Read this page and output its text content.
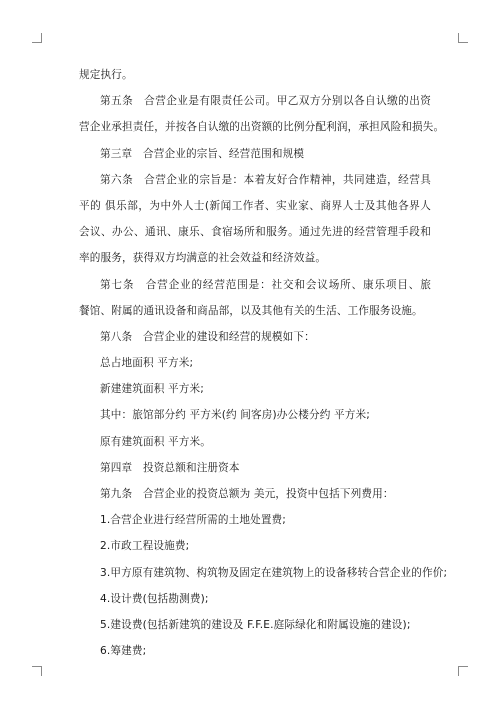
规定执行。
第五条　合营企业是有限责任公司。甲乙双方分别以各自认缴的出资
营企业承担责任，并按各自认缴的出资额的比例分配利润，承担风险和损失。
第三章　合营企业的宗旨、经营范围和规模
第六条　合营企业的宗旨是：本着友好合作精神，共同建造，经营具
平的 俱乐部，为中外人士(新闻工作者、实业家、商界人士及其他各界人
会议、办公、通讯、康乐、食宿场所和服务。通过先进的经营管理手段和
率的服务，获得双方均满意的社会效益和经济效益。
第七条　合营企业的经营范围是：社交和会议场所、康乐项目、旅
餐馆、附属的通讯设备和商品部，以及其他有关的生活、工作服务设施。
第八条　合营企业的建设和经营的规模如下：
总占地面积 平方米;
新建建筑面积 平方米;
其中：旅馆部分约 平方米(约 间客房)办公楼分约 平方米;
原有建筑面积 平方米。
第四章　投资总额和注册资本
第九条　合营企业的投资总额为 美元，投资中包括下列费用：
1.合营企业进行经营所需的土地处置费;
2.市政工程设施费;
3.甲方原有建筑物、构筑物及固定在建筑物上的设备移转合营企业的作价;
4.设计费(包括勘测费);
5.建设费(包括新建筑的建设及 F.F.E.庭际绿化和附属设施的建设);
6.筹建费;
